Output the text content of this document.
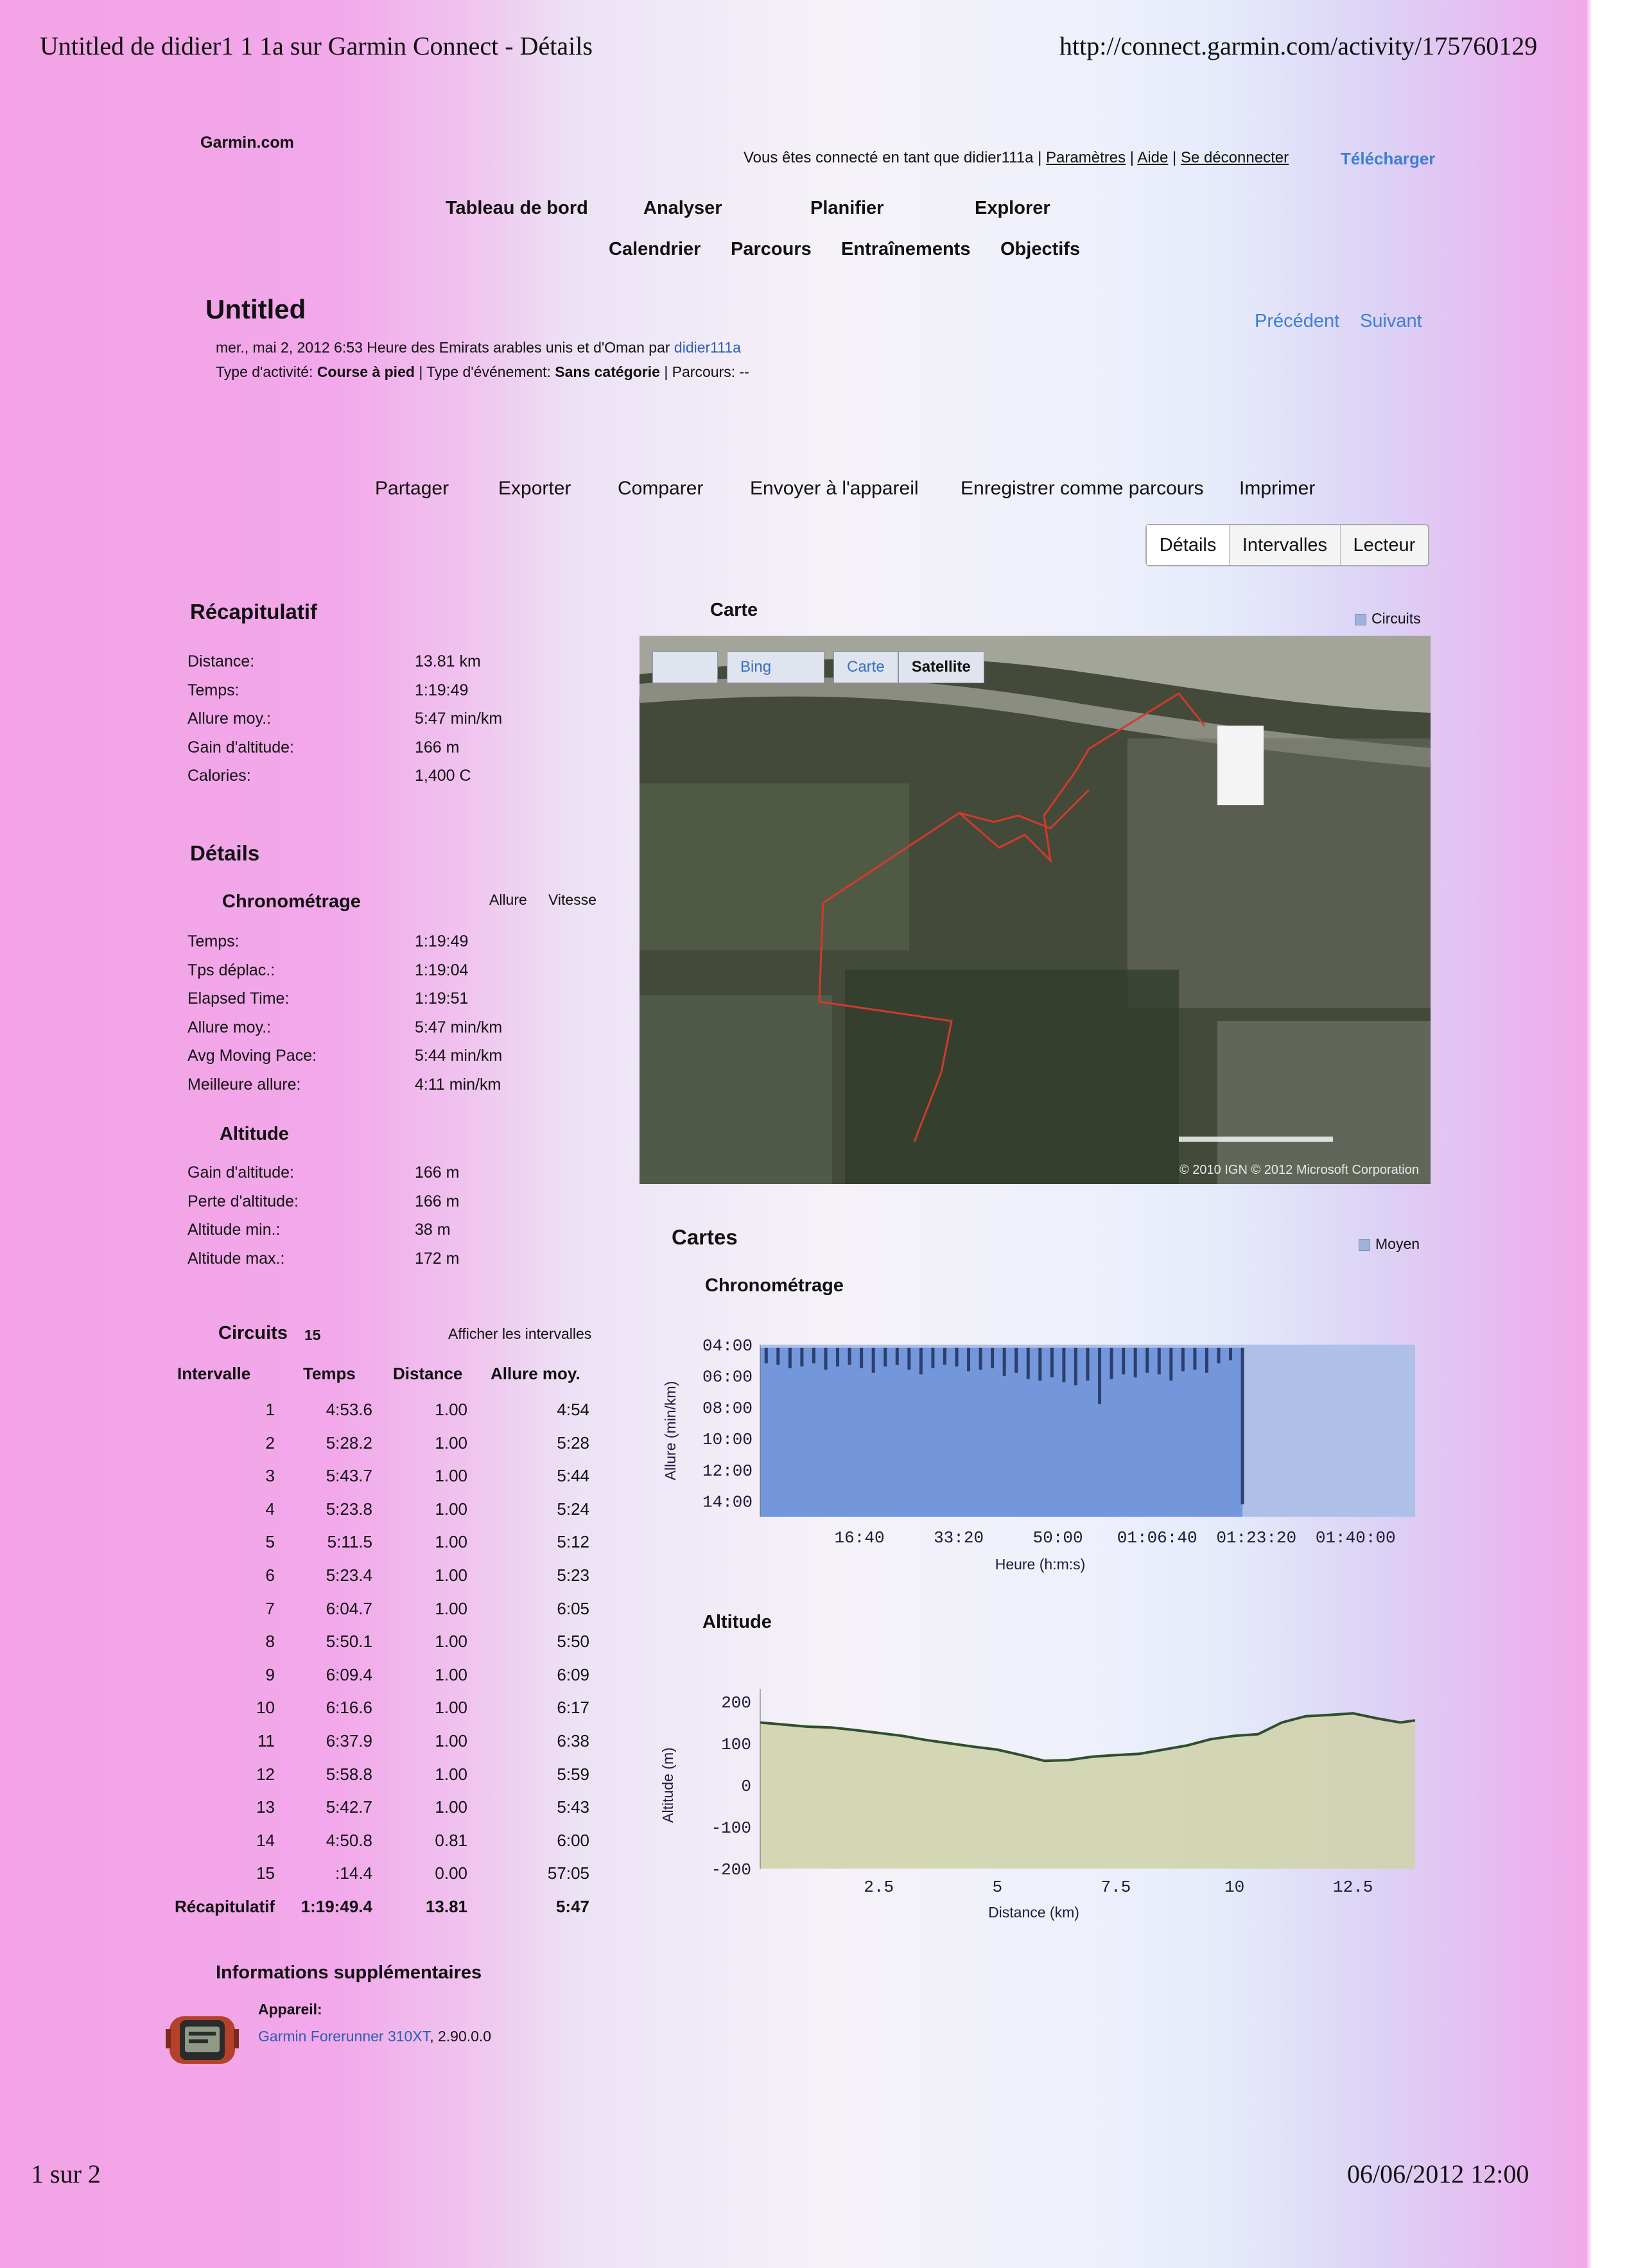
Untitled de didier1 1 1a sur Garmin Connect - Détails	http://connect.garmin.com/activity/175760129
1 sur 2	06/06/2012 12:00
Garmin.com
Vous êtes connecté en tant que didier111a | Paramètres | Aide | Se déconnecter	Télécharger
Tableau de bord	Analyser	Planifier	Explorer
Calendrier Parcours Entraînements Objectifs
Untitled
mer., mai 2, 2012 6:53 Heure des Emirats arables unis et d'Oman par didier111a
Type d'activité: Course à pied | Type d'événement: Sans catégorie | Parcours: --
Précédent Suivant
Partager	Exporter Comparer Envoyer à l'appareil Enregistrer comme parcours Imprimer
Détails	Intervalles	Lecteur
Récapitulatif
Distance:	13.81 km
Temps:	1:19:49
Allure moy.:	5:47 min/km
Gain d'altitude:	166 m
Calories:	1,400 C
Détails
Chronométrage	Allure Vitesse
Temps:	1:19:49
Tps déplac.:	1:19:04
Elapsed Time:	1:19:51
Allure moy.:	5:47 min/km
Avg Moving Pace:	5:44 min/km
Meilleure allure:	4:11 min/km
Altitude
Gain d'altitude:	166 m
Perte d'altitude:	166 m
Altitude min.:	38 m
Altitude max.:	172 m
Circuits 15	Afficher les intervalles
Intervalle	Temps Distance Allure moy.
1	4:53.6	1.00	4:54
2	5:28.2	1.00	5:28
3	5:43.7	1.00	5:44
4	5:23.8	1.00	5:24
5	5:11.5	1.00	5:12
6	5:23.4	1.00	5:23
7	6:04.7	1.00	6:05
8	5:50.1	1.00	5:50
9	6:09.4	1.00	6:09
10	6:16.6	1.00	6:17
11	6:37.9	1.00	6:38
12	5:58.8	1.00	5:59
13	5:42.7	1.00	5:43
14	4:50.8	0.81	6:00
15	:14.4	0.00	57:05
Récapitulatif	1:19:49.4	13.81	5:47
Informations supplémentaires
Appareil:
Garmin Forerunner 310XT, 2.90.0.0
Carte	Circuits
Bing	Carte	Satellite
© 2010 IGN © 2012 Microsoft Corporation
Cartes	Moyen
Chronométrage
Altitude
04:00
06:00
08:00
10:00
12:00
14:00
16:40	33:20	50:00 01:06:40 01:23:20 01:40:00
Heure (h:m:s)
Allure (min/km)
200
100
0
-100
-200
2.5	5	7.5	10	12.5
Distance (km)
Altitude (m)
